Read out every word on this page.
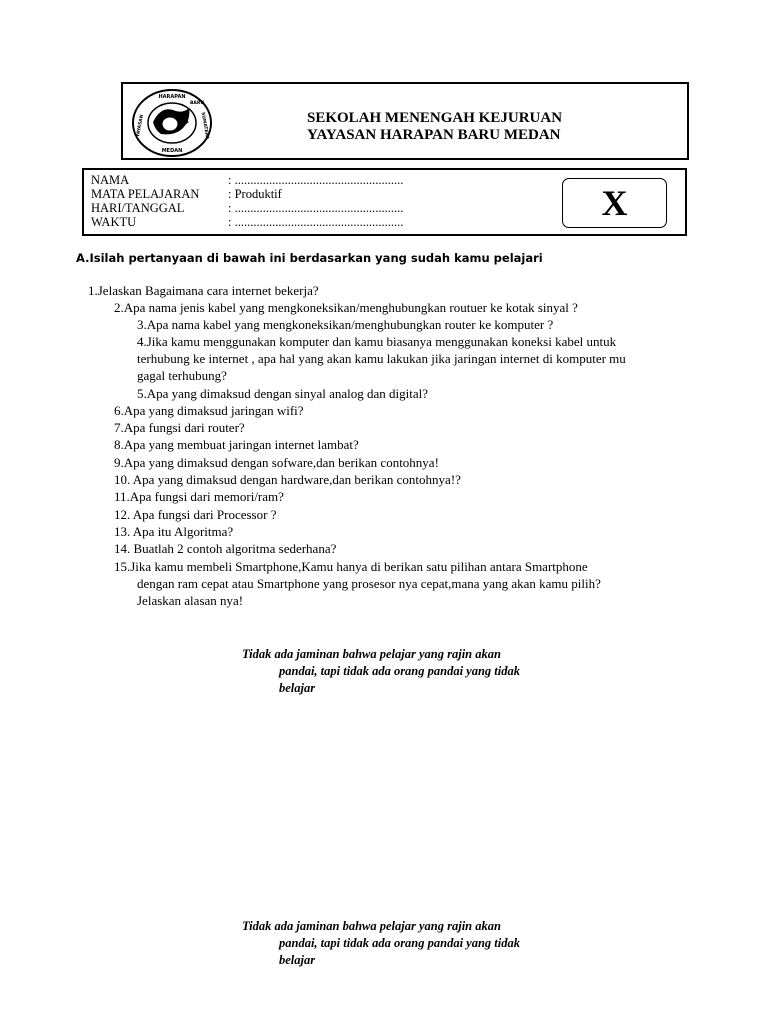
HARAPAN
BARU
YAYASAN	SUMATERA
MEDAN
SEKOLAH MENENGAH KEJURUAN
YAYASAN HARAPAN BARU MEDAN
NAMA	: ......................................................
MATA PELAJARAN : Produktif
HARI/TANGGAL	: ......................................................
WAKTU	: ......................................................	X
A.Isilah pertanyaan di bawah ini berdasarkan yang sudah kamu pelajari
1.Jelaskan Bagaimana cara internet bekerja?
2.Apa nama jenis kabel yang mengkoneksikan/menghubungkan routuer ke kotak sinyal ?
3.Apa nama kabel yang mengkoneksikan/menghubungkan router ke komputer ?
4.Jika kamu menggunakan komputer dan kamu biasanya menggunakan koneksi kabel untuk
terhubung ke internet , apa hal yang akan kamu lakukan jika jaringan internet di komputer mu
gagal terhubung?
5.Apa yang dimaksud dengan sinyal analog dan digital?
6.Apa yang dimaksud jaringan wifi?
7.Apa fungsi dari router?
8.Apa yang membuat jaringan internet lambat?
9.Apa yang dimaksud dengan sofware,dan berikan contohnya!
10. Apa yang dimaksud dengan hardware,dan berikan contohnya!?
11.Apa fungsi dari memori/ram?
12. Apa fungsi dari Processor ?
13. Apa itu Algoritma?
14. Buatlah 2 contoh algoritma sederhana?
15.Jika kamu membeli Smartphone,Kamu hanya di berikan satu pilihan antara Smartphone
dengan ram cepat atau Smartphone yang prosesor nya cepat,mana yang akan kamu pilih?
Jelaskan alasan nya!
Tidak ada jaminan bahwa pelajar yang rajin akan
pandai, tapi tidak ada orang pandai yang tidak
belajar
Tidak ada jaminan bahwa pelajar yang rajin akan
pandai, tapi tidak ada orang pandai yang tidak
belajar
